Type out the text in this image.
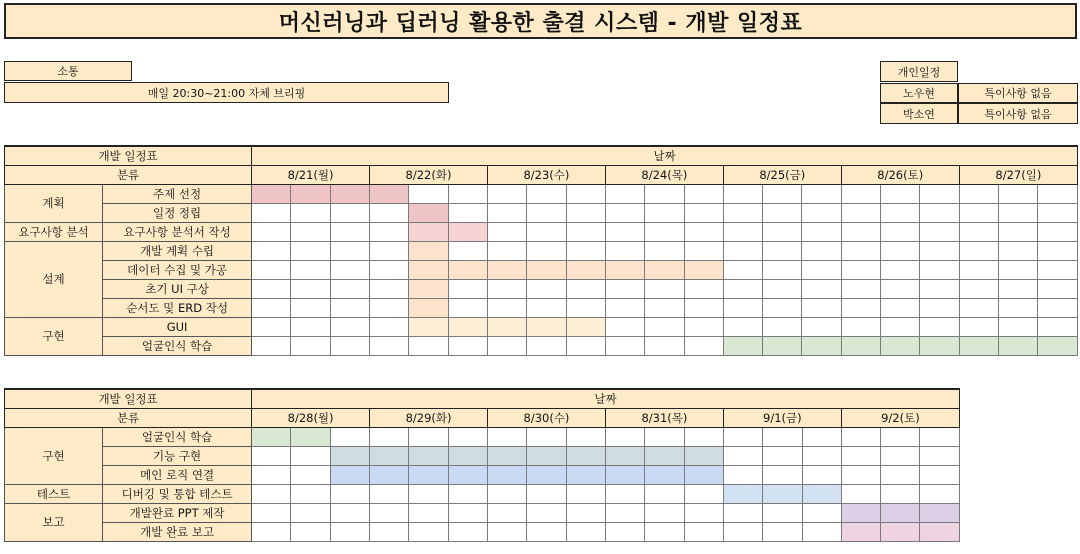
머신러닝과 딥러닝 활용한 출결 시스템 - 개발 일정표
소통
매일 20:30~21:00 자체 브리핑
개인일정
노우현	특이사항 없음
박소연	특이사항 없음
개발 일정표		날짜																				
분류		8/21(월)			8/22(화)			8/23(수)			8/24(목)			8/25(금)			8/26(토)			8/27(일)		
계획	주제 선정																					
	일정 정립																					
요구사항 분석	요구사항 분석서 작성																					
설계	개발 계획 수립																					
	데이터 수집 및 가공																					
	초기 UI 구상																					
	순서도 및 ERD 작성																					
구현	GUI																					
	얼굴인식 학습																					
개발 일정표		날짜																	
분류		8/28(월)			8/29(화)			8/30(수)			8/31(목)			9/1(금)			9/2(토)		
구현	얼굴인식 학습																		
	기능 구현																		
	메인 로직 연결																		
테스트	디버깅 및 통합 테스트																		
보고	개발완료 PPT 제작																		
	개발 완료 보고																		
